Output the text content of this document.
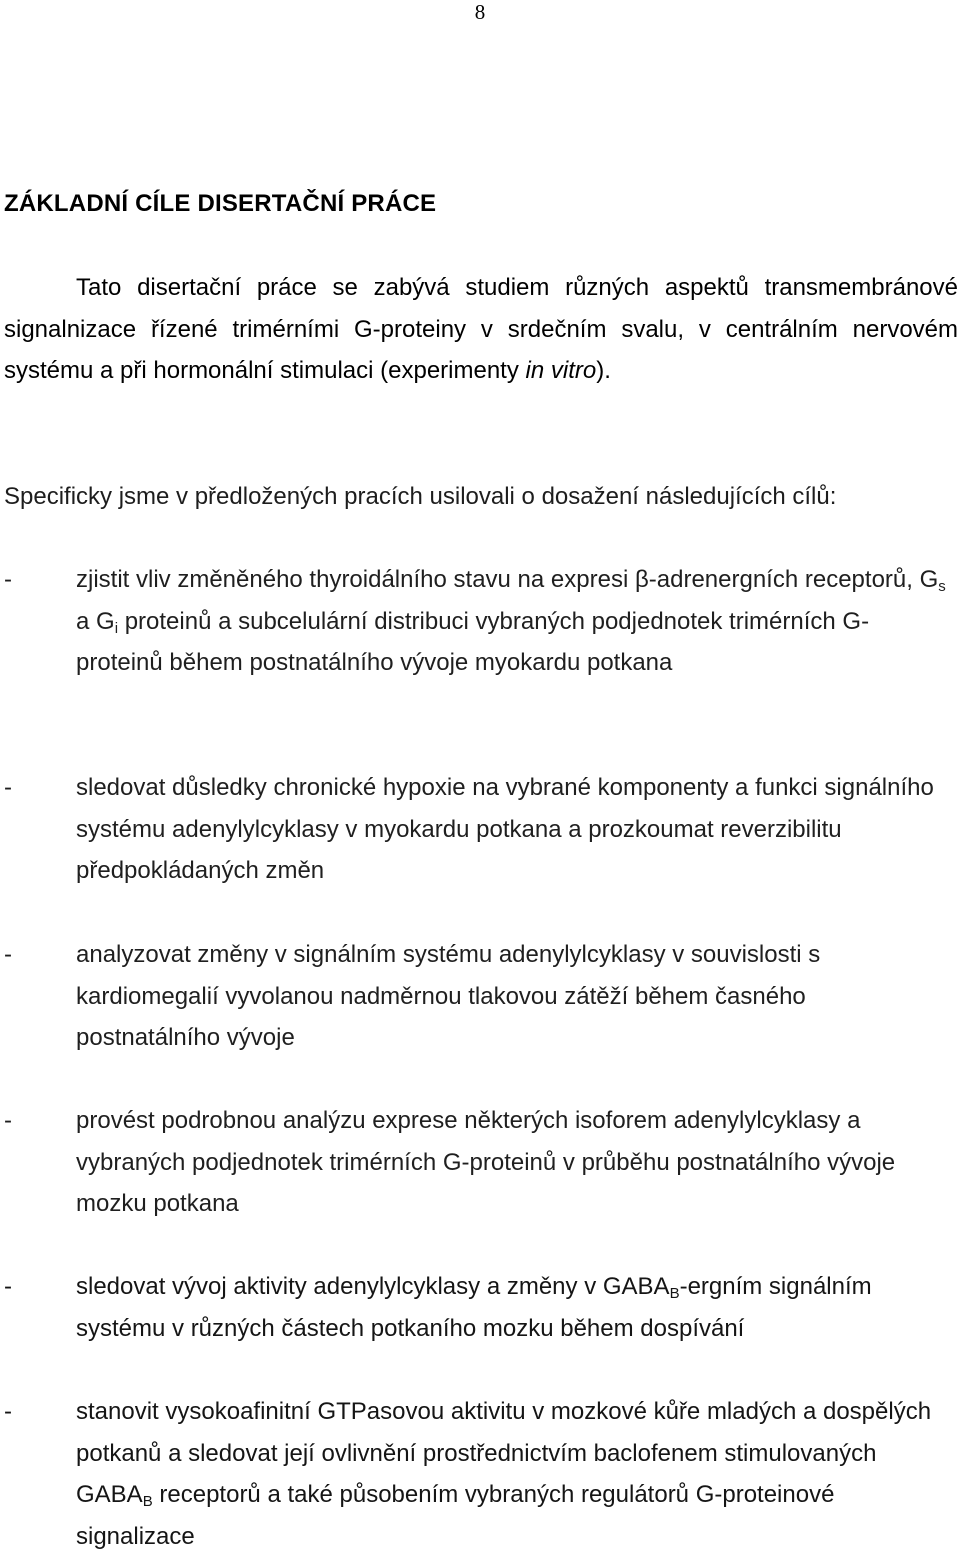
8
ZÁKLADNÍ CÍLE DISERTAČNÍ PRÁCE

Tato disertační práce se zabývá studiem různých aspektů transmembránové signalnizace řízené trimérními G-proteiny v srdečním svalu, v centrálním nervovém systému a při hormonální stimulaci (experimenty in vitro).

Specificky jsme v předložených pracích usilovali o dosažení následujících cílů:

-	zjistit vliv změněného thyroidálního stavu na expresi β-adrenergních receptorů, $G_s$ a $G_i$ proteinů a subcelulární distribuci vybraných podjednotek trimérních G-proteinů během postnatálního vývoje myokardu potkana
-	sledovat důsledky chronické hypoxie na vybrané komponenty a funkci signálního systému adenylylcyklasy v myokardu potkana a prozkoumat reverzibilitu předpokládaných změn
-	analyzovat změny v signálním systému adenylylcyklasy v souvislosti s kardiomegalií vyvolanou nadměrnou tlakovou zátěží během časného postnatálního vývoje
-	provést podrobnou analýzu exprese některých isoforem adenylylcyklasy a vybraných podjednotek trimérních G-proteinů v průběhu postnatálního vývoje mozku potkana
-	sledovat vývoj aktivity adenylylcyklasy a změny v $GABA_B$-ergním signálním systému v různých částech potkaního mozku během dospívání
-	stanovit vysokoafinitní GTPasovou aktivitu v mozkové kůře mladých a dospělých potkanů a sledovat její ovlivnění prostřednictvím baclofenem stimulovaných $GABA_B$ receptorů a také působením vybraných regulátorů G-proteinové signalizace
